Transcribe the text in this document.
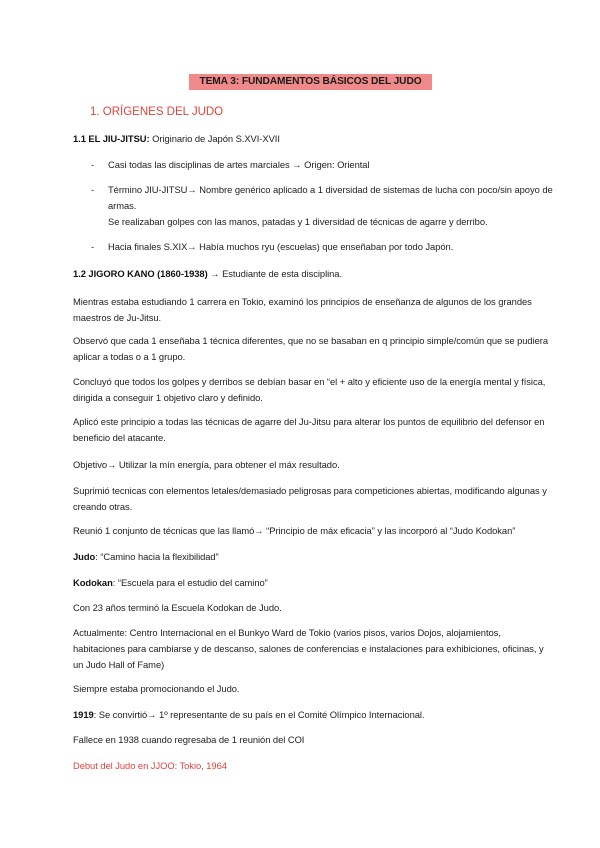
TEMA 3: FUNDAMENTOS BÁSICOS DEL JUDO
1. ORÍGENES DEL JUDO
1.1 EL JIU-JITSU: Originario de Japón S.XVI-XVII
- Casi todas las disciplinas de artes marciales → Origen: Oriental
- Término JIU-JITSU→ Nombre genérico aplicado a 1 diversidad de sistemas de lucha con poco/sin apoyo de armas.
Se realizaban golpes con las manos, patadas y 1 diversidad de técnicas de agarre y derribo.
- Hacia finales S.XIX→ Había muchos ryu (escuelas) que enseñaban por todo Japón.
1.2 JIGORO KANO (1860-1938) → Estudiante de esta disciplina.
Mientras estaba estudiando 1 carrera en Tokio, examinó los principios de enseñanza de algunos de los grandes maestros de Ju-Jitsu.
Observó que cada 1 enseñaba 1 técnica diferentes, que no se basaban en q principio simple/común que se pudiera aplicar a todas o a 1 grupo.
Concluyó que todos los golpes y derribos se debían basar en “el + alto y eficiente uso de la energía mental y física, dirigida a conseguir 1 objetivo claro y definido.
Aplicó este principio a todas las técnicas de agarre del Ju-Jitsu para alterar los puntos de equilibrio del defensor en beneficio del atacante.
Objetivo→ Utilizar la mín energía, para obtener el máx resultado.
Suprimió tecnicas con elementos letales/demasiado peligrosas para competiciones abiertas, modificando algunas y creando otras.
Reunió 1 conjunto de técnicas que las llamó→ “Principio de máx eficacia” y las incorporó al “Judo Kodokan”
Judo: “Camino hacia la flexibilidad”
Kodokan: “Escuela para el estudio del camino”
Con 23 años terminó la Escuela Kodokan de Judo.
Actualmente: Centro Internacional en el Bunkyo Ward de Tokio (varios pisos, varios Dojos, alojamientos, habitaciones para cambiarse y de descanso, salones de conferencias e instalaciones para exhibiciones, oficinas, y un Judo Hall of Fame)
Siempre estaba promocionando el Judo.
1919: Se convirtió→ 1º representante de su país en el Comité Olímpico Internacional.
Fallece en 1938 cuando regresaba de 1 reunión del COI
Debut del Judo en JJOO: Tokio, 1964
